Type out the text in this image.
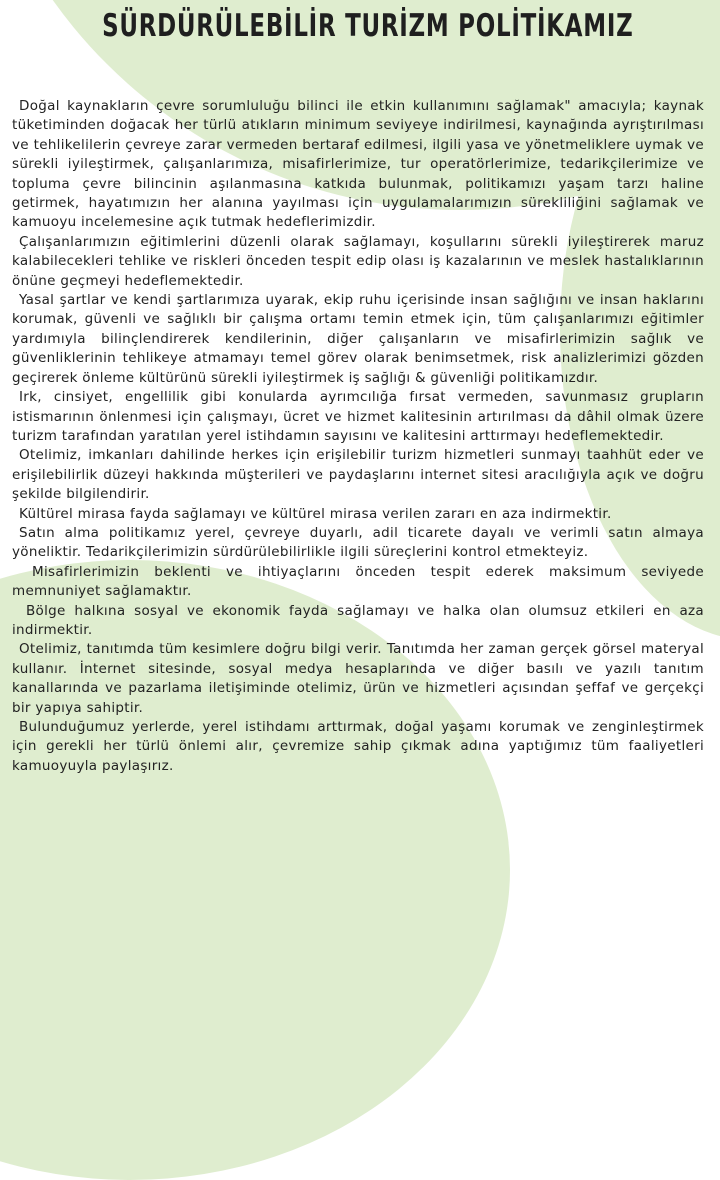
SÜRDÜRÜLEBİLİR TURİZM POLİTİKAMIZ

Doğal kaynakların çevre sorumluluğu bilinci ile etkin kullanımını sağlamak" amacıyla; kaynak tüketiminden doğacak her türlü atıkların minimum seviyeye indirilmesi, kaynağında ayrıştırılması ve tehlikelilerin çevreye zarar vermeden bertaraf edilmesi, ilgili yasa ve yönetmeliklere uymak ve sürekli iyileştirmek, çalışanlarımıza, misafirlerimize, tur operatörlerimize, tedarikçilerimize ve topluma çevre bilincinin aşılanmasına katkıda bulunmak, politikamızı yaşam tarzı haline getirmek, hayatımızın her alanına yayılması için uygulamalarımızın sürekliliğini sağlamak ve kamuoyu incelemesine açık tutmak hedeflerimizdir.

Çalışanlarımızın eğitimlerini düzenli olarak sağlamayı, koşullarını sürekli iyileştirerek maruz kalabilecekleri tehlike ve riskleri önceden tespit edip olası iş kazalarının ve meslek hastalıklarının önüne geçmeyi hedeflemektedir.

Yasal şartlar ve kendi şartlarımıza uyarak, ekip ruhu içerisinde insan sağlığını ve insan haklarını korumak, güvenli ve sağlıklı bir çalışma ortamı temin etmek için, tüm çalışanlarımızı eğitimler yardımıyla bilinçlendirerek kendilerinin, diğer çalışanların ve misafirlerimizin sağlık ve güvenliklerinin tehlikeye atmamayı temel görev olarak benimsetmek, risk analizlerimizi gözden geçirerek önleme kültürünü sürekli iyileştirmek iş sağlığı & güvenliği politikamızdır.

Irk, cinsiyet, engellilik gibi konularda ayrımcılığa fırsat vermeden, savunmasız grupların istismarının önlenmesi için çalışmayı, ücret ve hizmet kalitesinin artırılması da dâhil olmak üzere turizm tarafından yaratılan yerel istihdamın sayısını ve kalitesini arttırmayı hedeflemektedir.

Otelimiz, imkanları dahilinde herkes için erişilebilir turizm hizmetleri sunmayı taahhüt eder ve erişilebilirlik düzeyi hakkında müşterileri ve paydaşlarını internet sitesi aracılığıyla açık ve doğru şekilde bilgilendirir.

Kültürel mirasa fayda sağlamayı ve kültürel mirasa verilen zararı en aza indirmektir.

Satın alma politikamız yerel, çevreye duyarlı, adil ticarete dayalı ve verimli satın almaya yöneliktir. Tedarikçilerimizin sürdürülebilirlikle ilgili süreçlerini kontrol etmekteyiz.

Misafirlerimizin beklenti ve ihtiyaçlarını önceden tespit ederek maksimum seviyede memnuniyet sağlamaktır.

Bölge halkına sosyal ve ekonomik fayda sağlamayı ve halka olan olumsuz etkileri en aza indirmektir.

Otelimiz, tanıtımda tüm kesimlere doğru bilgi verir. Tanıtımda her zaman gerçek görsel materyal kullanır. İnternet sitesinde, sosyal medya hesaplarında ve diğer basılı ve yazılı tanıtım kanallarında ve pazarlama iletişiminde otelimiz, ürün ve hizmetleri açısından şeffaf ve gerçekçi bir yapıya sahiptir.

Bulunduğumuz yerlerde, yerel istihdamı arttırmak, doğal yaşamı korumak ve zenginleştirmek için gerekli her türlü önlemi alır, çevremize sahip çıkmak adına yaptığımız tüm faaliyetleri kamuoyuyla paylaşırız.
